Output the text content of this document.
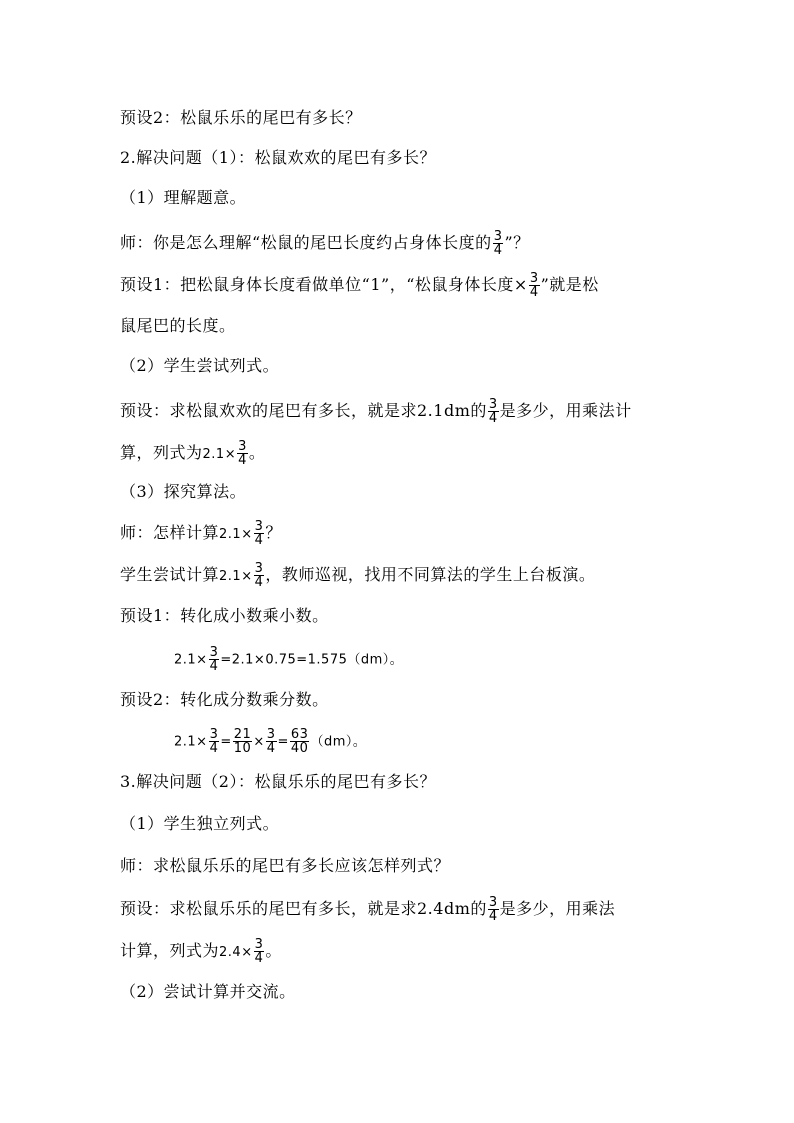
预设2：松鼠乐乐的尾巴有多长？
2.解决问题（1）：松鼠欢欢的尾巴有多长？
（1）理解题意。
师：你是怎么理解“松鼠的尾巴长度约占身体长度的 $\frac{3}{4}$ ”？
预设1：把松鼠身体长度看做单位“1”，“松鼠身体长度× $\frac{3}{4}$ ”就是松
鼠尾巴的长度。
（2）学生尝试列式。
预设：求松鼠欢欢的尾巴有多长，就是求2.1dm的 $\frac{3}{4}$ 是多少，用乘法计
算，列式为$2.1\times \frac{3}{4}$ 。
（3）探究算法。
师：怎样计算$2.1\times \frac{3}{4}$ ？
学生尝试计算$2.1\times \frac{3}{4}$ ，教师巡视，找用不同算法的学生上台板演。
预设1：转化成小数乘小数。
$2.1\times \frac{3}{4} =2.1\times 0.75=1.575(dm)$。
预设2：转化成分数乘分数。
$2.1\times \frac{3}{4} = \frac{21}{10} \times \frac{3}{4} = \frac{63}{40} (dm)$。
3.解决问题（2）：松鼠乐乐的尾巴有多长？
（1）学生独立列式。
师：求松鼠乐乐的尾巴有多长应该怎样列式？
预设：求松鼠乐乐的尾巴有多长，就是求2.4dm的 $\frac{3}{4}$ 是多少，用乘法
计算，列式为$2.4\times \frac{3}{4}$ 。
（2）尝试计算并交流。
